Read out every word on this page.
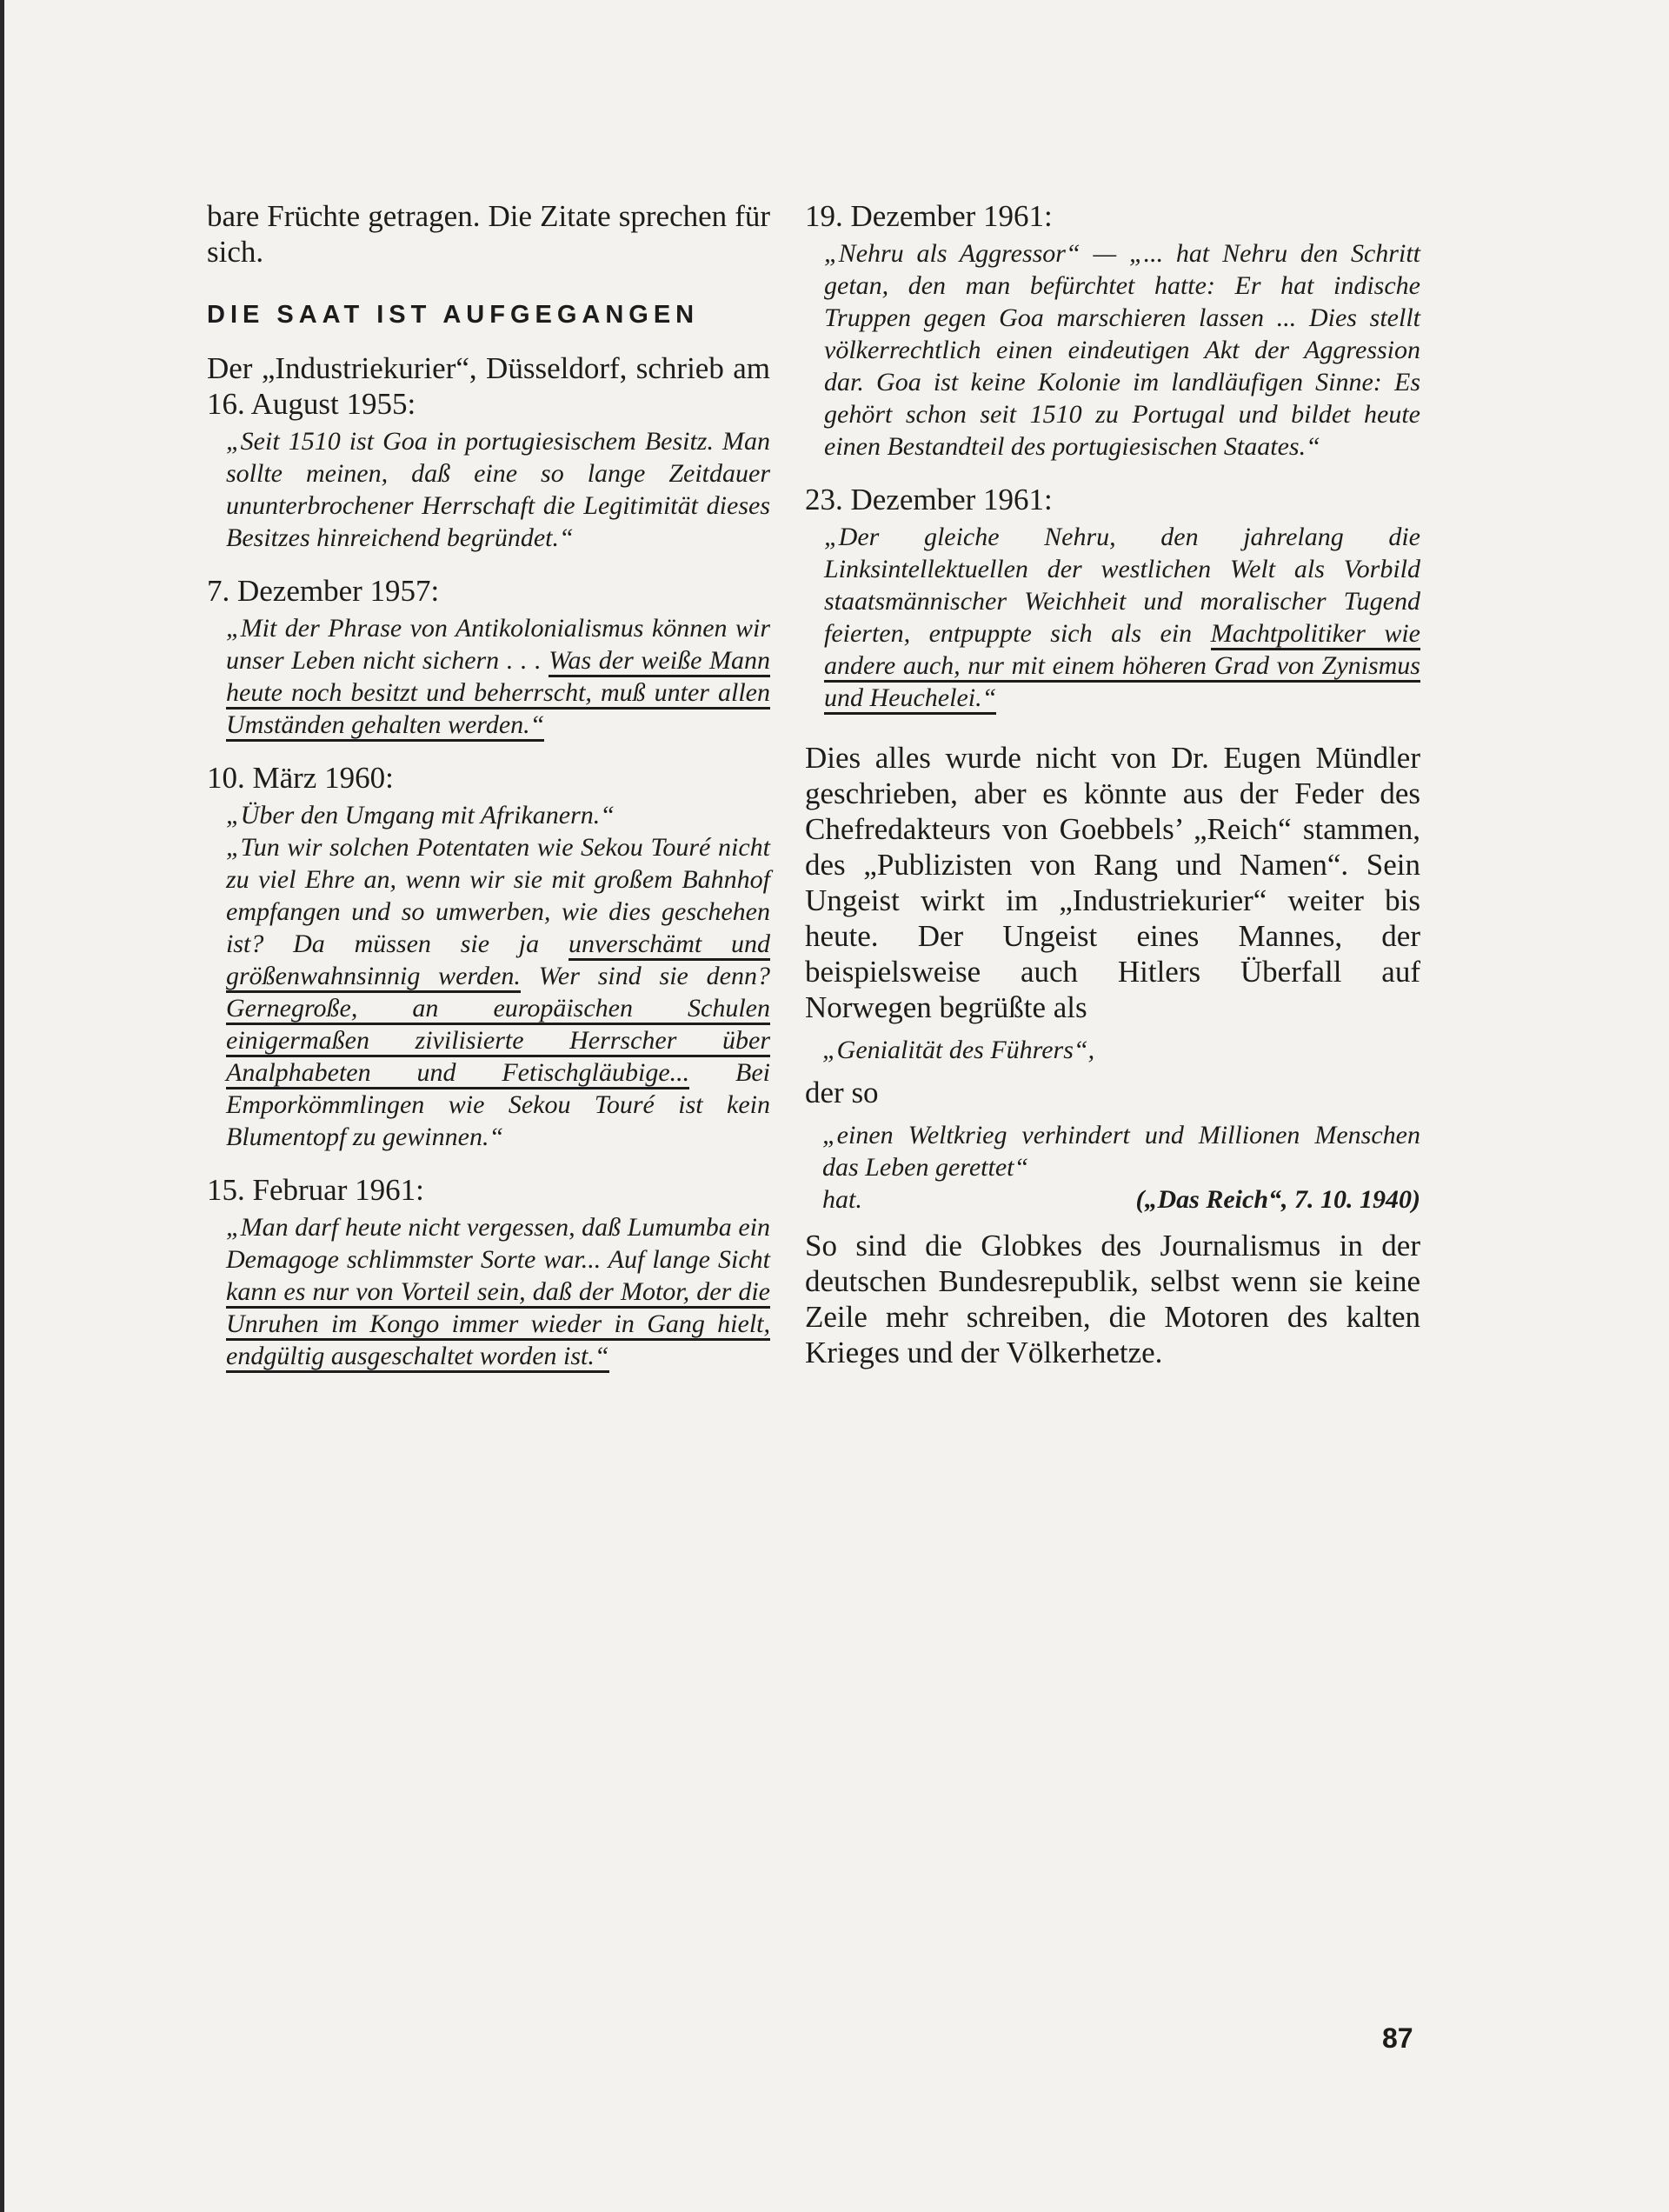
bare Früchte getragen. Die Zitate sprechen für sich.

DIE SAAT IST AUFGEGANGEN

Der „Industriekurier“, Düsseldorf, schrieb am 16. August 1955:

„Seit 1510 ist Goa in portugiesischem Besitz. Man sollte meinen, daß eine so lange Zeitdauer ununterbrochener Herrschaft die Legitimität dieses Besitzes hinreichend begründet.“

7. Dezember 1957:

„Mit der Phrase von Antikolonialismus können wir unser Leben nicht sichern . . . Was der weiße Mann heute noch besitzt und beherrscht, muß unter allen Umständen gehalten werden.“

10. März 1960:

„Über den Umgang mit Afrikanern.“
„Tun wir solchen Potentaten wie Sekou Touré nicht zu viel Ehre an, wenn wir sie mit großem Bahnhof empfangen und so umwerben, wie dies geschehen ist? Da müssen sie ja unverschämt und größenwahnsinnig werden. Wer sind sie denn? Gernegroße, an europäischen Schulen einigermaßen zivilisierte Herrscher über Analphabeten und Fetischgläubige... Bei Emporkömmlingen wie Sekou Touré ist kein Blumentopf zu gewinnen.“

15. Februar 1961:

„Man darf heute nicht vergessen, daß Lumumba ein Demagoge schlimmster Sorte war... Auf lange Sicht kann es nur von Vorteil sein, daß der Motor, der die Unruhen im Kongo immer wieder in Gang hielt, endgültig ausgeschaltet worden ist.“

19. Dezember 1961:

„Nehru als Aggressor“ — „... hat Nehru den Schritt getan, den man befürchtet hatte: Er hat indische Truppen gegen Goa marschieren lassen ... Dies stellt völkerrechtlich einen eindeutigen Akt der Aggression dar. Goa ist keine Kolonie im landläufigen Sinne: Es gehört schon seit 1510 zu Portugal und bildet heute einen Bestandteil des portugiesischen Staates.“

23. Dezember 1961:

„Der gleiche Nehru, den jahrelang die Linksintellektuellen der westlichen Welt als Vorbild staatsmännischer Weichheit und moralischer Tugend feierten, entpuppte sich als ein Machtpolitiker wie andere auch, nur mit einem höheren Grad von Zynismus und Heuchelei.“

Dies alles wurde nicht von Dr. Eugen Mündler geschrieben, aber es könnte aus der Feder des Chefredakteurs von Goebbels’ „Reich“ stammen, des „Publizisten von Rang und Namen“. Sein Ungeist wirkt im „Industriekurier“ weiter bis heute. Der Ungeist eines Mannes, der beispielsweise auch Hitlers Überfall auf Norwegen begrüßte als

„Genialität des Führers“,

der so

„einen Weltkrieg verhindert und Millionen Menschen das Leben gerettet“

hat.	(„Das Reich“, 7. 10. 1940)

So sind die Globkes des Journalismus in der deutschen Bundesrepublik, selbst wenn sie keine Zeile mehr schreiben, die Motoren des kalten Krieges und der Völkerhetze.

87
